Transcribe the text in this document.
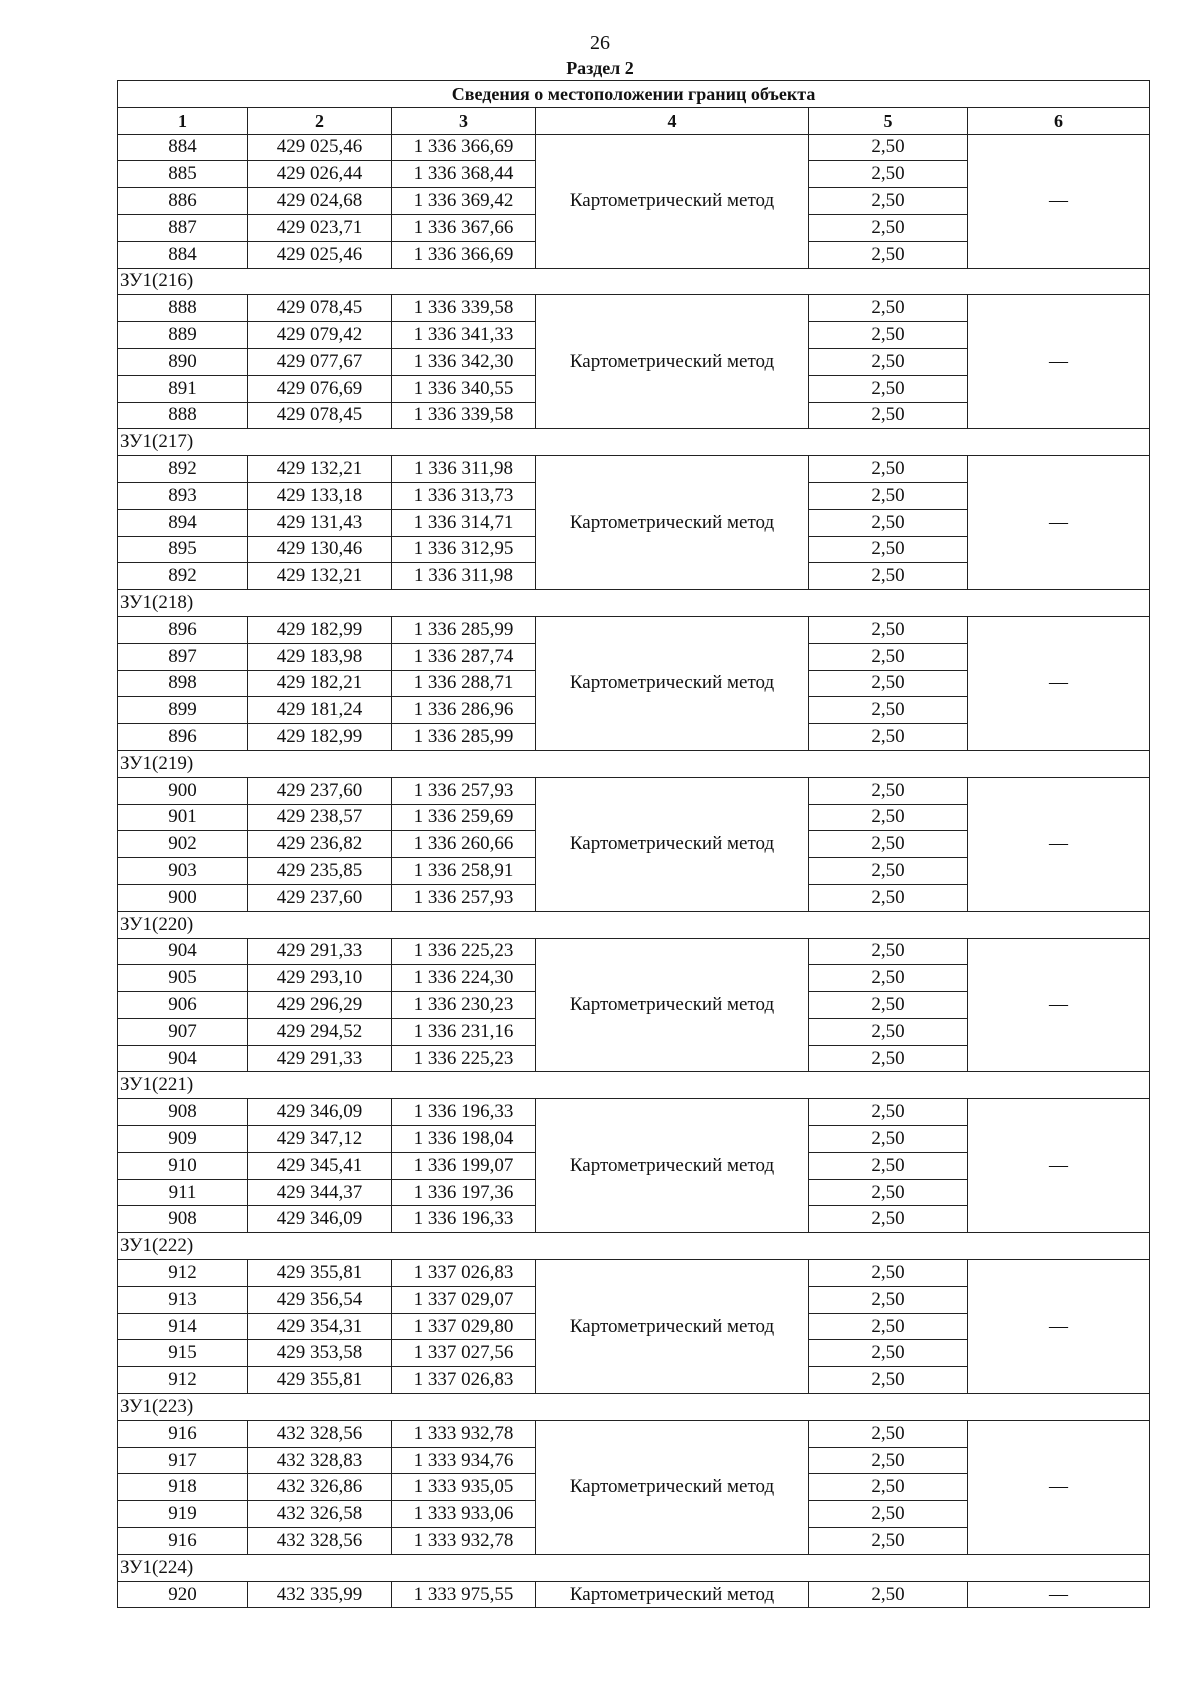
26
Раздел 2
Сведения о местоположении границ объекта					
1	2	3	4	5	6
884	429 025,46	1 336 366,69	Картометрический метод	2,50	—
885	429 026,44	1 336 368,44		2,50	
886	429 024,68	1 336 369,42		2,50	
887	429 023,71	1 336 367,66		2,50	
884	429 025,46	1 336 366,69		2,50	
ЗУ1(216)					
888	429 078,45	1 336 339,58	Картометрический метод	2,50	—
889	429 079,42	1 336 341,33		2,50	
890	429 077,67	1 336 342,30		2,50	
891	429 076,69	1 336 340,55		2,50	
888	429 078,45	1 336 339,58		2,50	
ЗУ1(217)					
892	429 132,21	1 336 311,98	Картометрический метод	2,50	—
893	429 133,18	1 336 313,73		2,50	
894	429 131,43	1 336 314,71		2,50	
895	429 130,46	1 336 312,95		2,50	
892	429 132,21	1 336 311,98		2,50	
ЗУ1(218)					
896	429 182,99	1 336 285,99	Картометрический метод	2,50	—
897	429 183,98	1 336 287,74		2,50	
898	429 182,21	1 336 288,71		2,50	
899	429 181,24	1 336 286,96		2,50	
896	429 182,99	1 336 285,99		2,50	
ЗУ1(219)					
900	429 237,60	1 336 257,93	Картометрический метод	2,50	—
901	429 238,57	1 336 259,69		2,50	
902	429 236,82	1 336 260,66		2,50	
903	429 235,85	1 336 258,91		2,50	
900	429 237,60	1 336 257,93		2,50	
ЗУ1(220)					
904	429 291,33	1 336 225,23	Картометрический метод	2,50	—
905	429 293,10	1 336 224,30		2,50	
906	429 296,29	1 336 230,23		2,50	
907	429 294,52	1 336 231,16		2,50	
904	429 291,33	1 336 225,23		2,50	
ЗУ1(221)					
908	429 346,09	1 336 196,33	Картометрический метод	2,50	—
909	429 347,12	1 336 198,04		2,50	
910	429 345,41	1 336 199,07		2,50	
911	429 344,37	1 336 197,36		2,50	
908	429 346,09	1 336 196,33		2,50	
ЗУ1(222)					
912	429 355,81	1 337 026,83	Картометрический метод	2,50	—
913	429 356,54	1 337 029,07		2,50	
914	429 354,31	1 337 029,80		2,50	
915	429 353,58	1 337 027,56		2,50	
912	429 355,81	1 337 026,83		2,50	
ЗУ1(223)					
916	432 328,56	1 333 932,78	Картометрический метод	2,50	—
917	432 328,83	1 333 934,76		2,50	
918	432 326,86	1 333 935,05		2,50	
919	432 326,58	1 333 933,06		2,50	
916	432 328,56	1 333 932,78		2,50	
ЗУ1(224)					
920	432 335,99	1 333 975,55	Картометрический метод	2,50	—
